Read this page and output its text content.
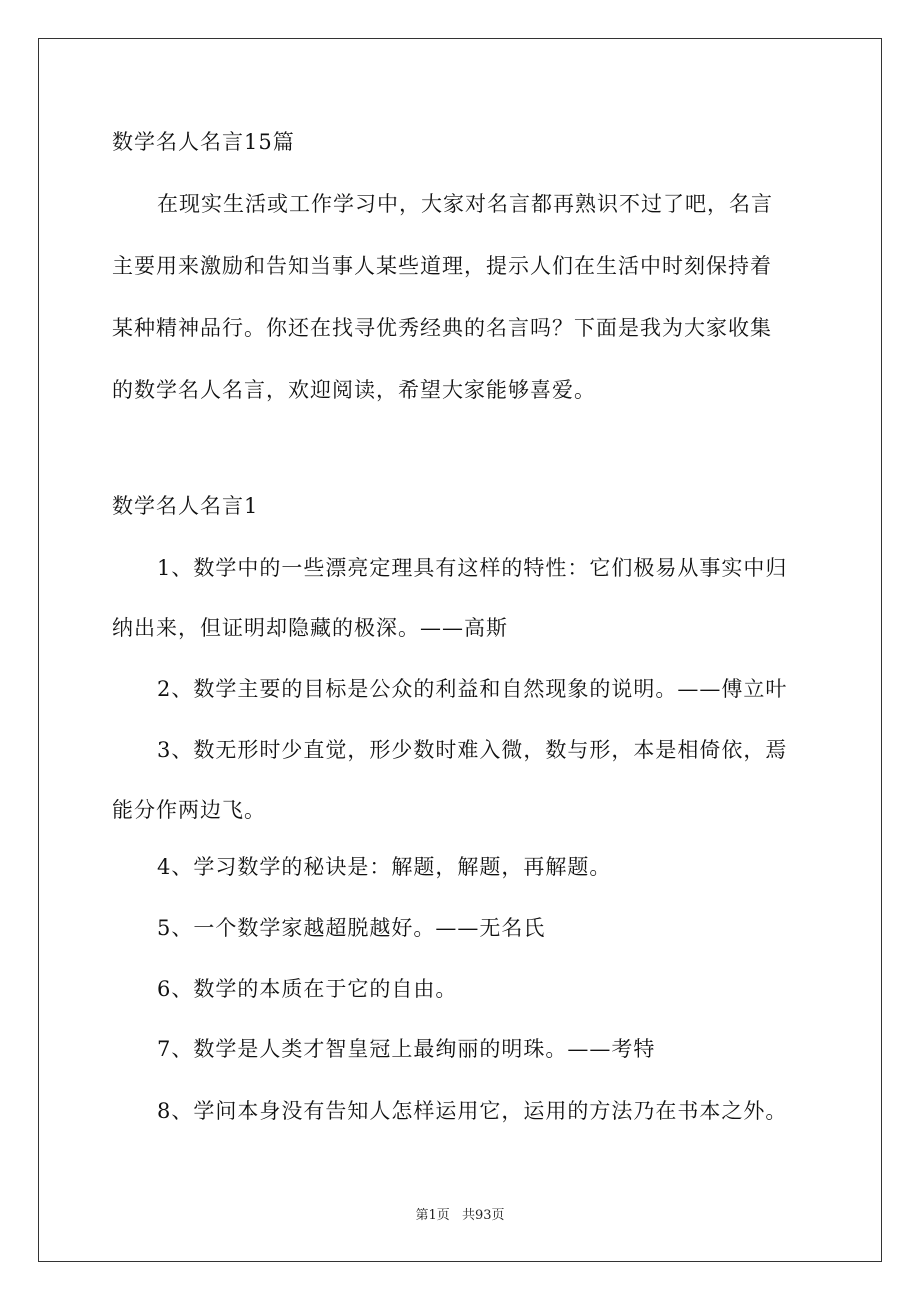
数学名人名言15篇
在现实生活或工作学习中，大家对名言都再熟识不过了吧，名言
主要用来激励和告知当事人某些道理，提示人们在生活中时刻保持着
某种精神品行。你还在找寻优秀经典的名言吗？下面是我为大家收集
的数学名人名言，欢迎阅读，希望大家能够喜爱。
数学名人名言1
1、数学中的一些漂亮定理具有这样的特性：它们极易从事实中归
纳出来，但证明却隐藏的极深。——高斯
2、数学主要的目标是公众的利益和自然现象的说明。——傅立叶
3、数无形时少直觉，形少数时难入微，数与形，本是相倚依，焉
能分作两边飞。
4、学习数学的秘诀是：解题，解题，再解题。
5、一个数学家越超脱越好。——无名氏
6、数学的本质在于它的自由。
7、数学是人类才智皇冠上最绚丽的明珠。——考特
8、学问本身没有告知人怎样运用它，运用的方法乃在书本之外。
第1页 共93页
